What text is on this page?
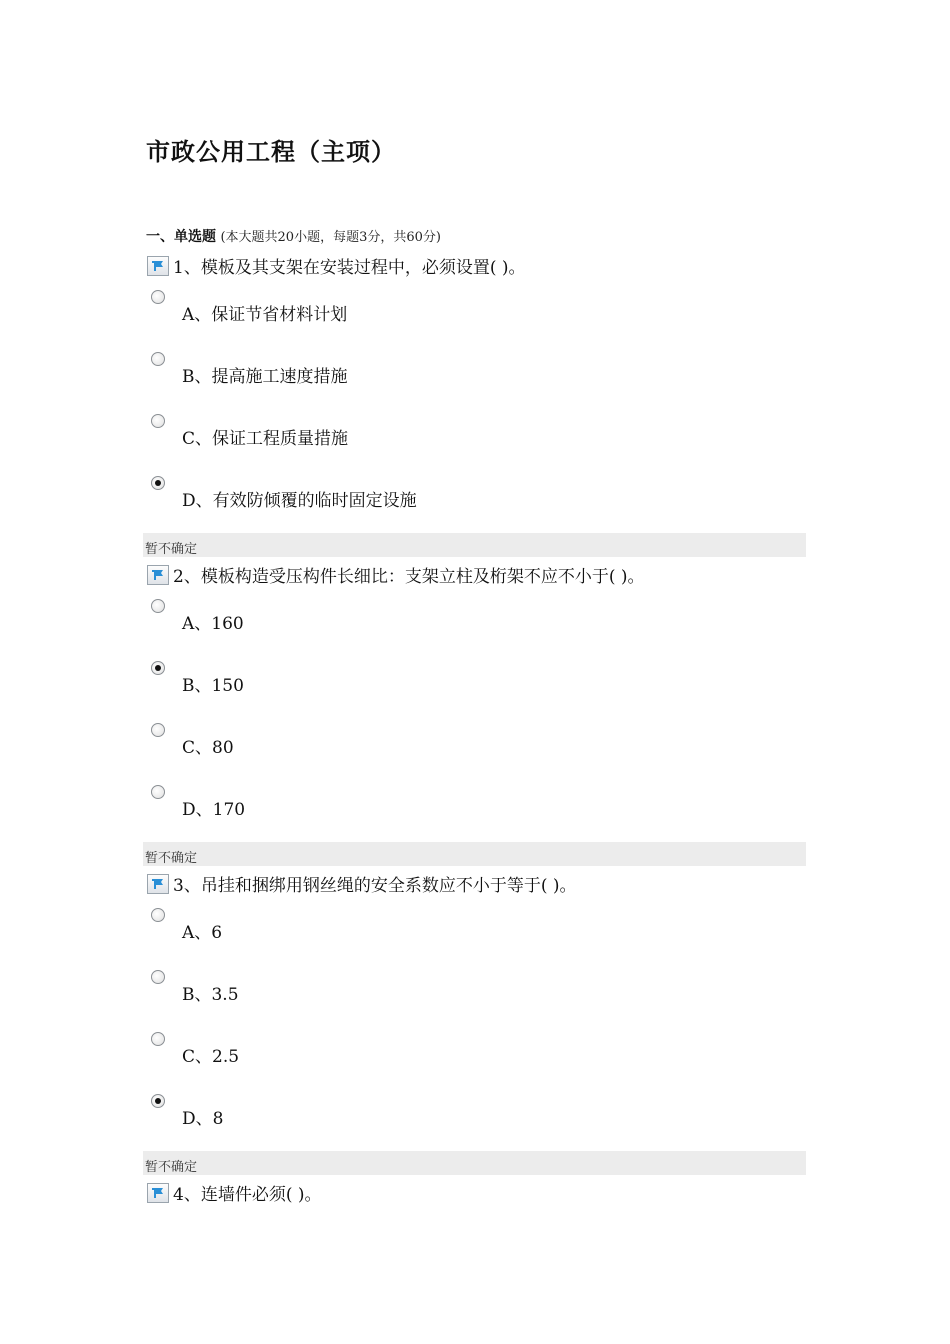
市政公用工程（主项）
一、单选题 (本大题共20小题，每题3分，共60分)
1、模板及其支架在安装过程中，必须设置( )。
A、保证节省材料计划
B、提高施工速度措施
C、保证工程质量措施
D、有效防倾覆的临时固定设施
暂不确定
2、模板构造受压构件长细比：支架立柱及桁架不应不小于( )。
A、160
B、150
C、80
D、170
暂不确定
3、吊挂和捆绑用钢丝绳的安全系数应不小于等于( )。
A、6
B、3.5
C、2.5
D、8
暂不确定
4、连墙件必须( )。
